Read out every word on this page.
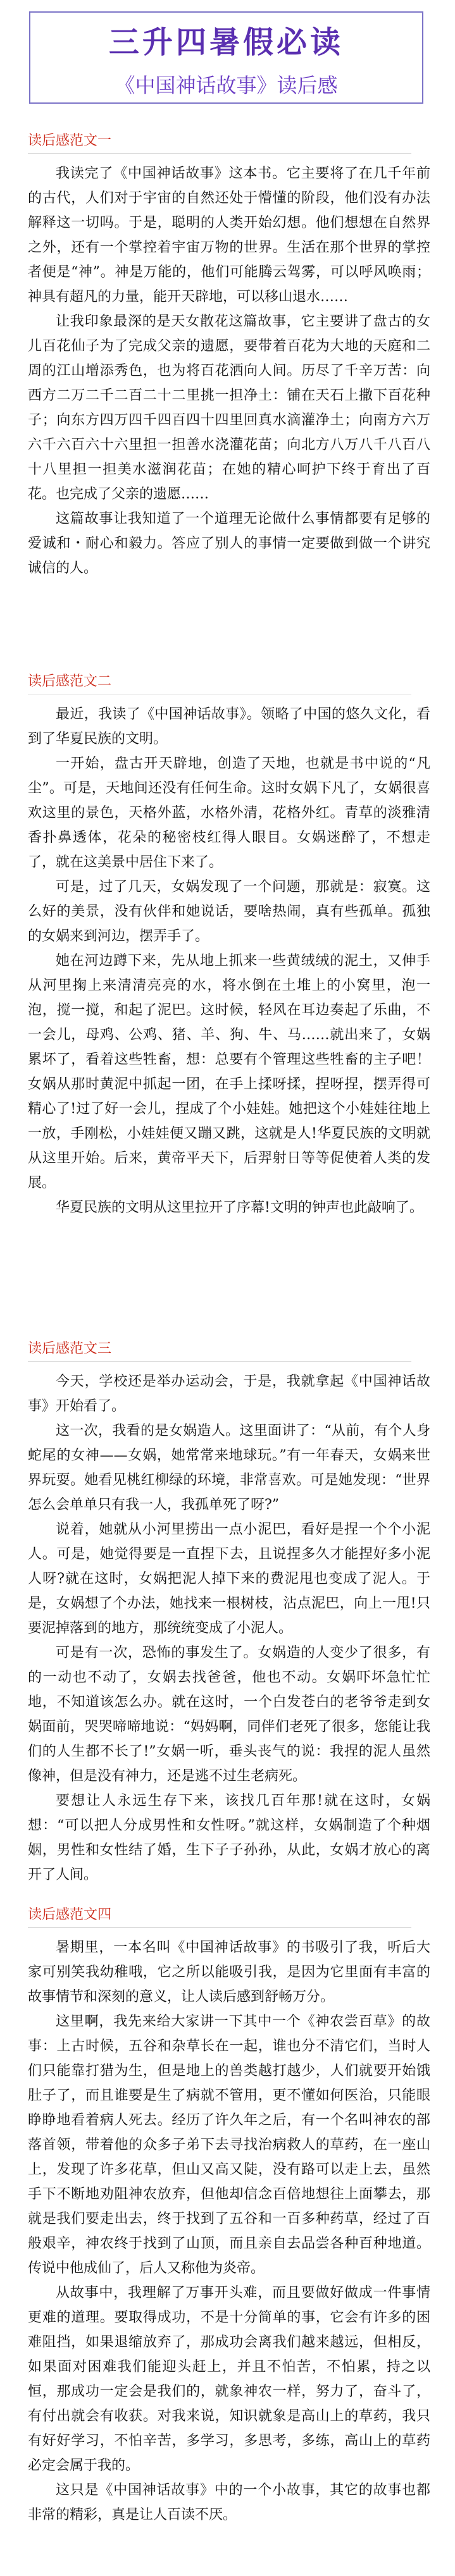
三升四暑假必读
《中国神话故事》读后感
读后感范文一

我读完了《中国神话故事》这本书。它主要将了在几千年前的古代，人们对于宇宙的自然还处于懵懂的阶段，他们没有办法解释这一切吗。于是，聪明的人类开始幻想。他们想想在自然界之外，还有一个掌控着宇宙万物的世界。生活在那个世界的掌控者便是“神”。神是万能的，他们可能腾云驾雾，可以呼风唤雨；神具有超凡的力量，能开天辟地，可以移山退水……

让我印象最深的是天女散花这篇故事，它主要讲了盘古的女儿百花仙子为了完成父亲的遗愿，要带着百花为大地的天庭和二周的江山增添秀色，也为将百花洒向人间。历尽了千辛万苦：向西方二万二千二百二十二里挑一担净土：铺在天石上撒下百花种子；向东方四万四千四百四十四里回真水滴灌净土；向南方六万六千六百六十六里担一担善水浇灌花苗；向北方八万八千八百八十八里担一担美水滋润花苗；在她的精心呵护下终于育出了百花。也完成了父亲的遗愿……

这篇故事让我知道了一个道理无论做什么事情都要有足够的爱诚和・耐心和毅力。答应了别人的事情一定要做到做一个讲究诚信的人。

读后感范文二

最近，我读了《中国神话故事》。领略了中国的悠久文化，看到了华夏民族的文明。

一开始，盘古开天辟地，创造了天地，也就是书中说的“凡尘”。可是，天地间还没有任何生命。这时女娲下凡了，女娲很喜欢这里的景色，天格外蓝，水格外清，花格外红。青草的淡雅清香扑鼻透体，花朵的秘密枝红得人眼目。女娲迷醉了，不想走了，就在这美景中居住下来了。

可是，过了几天，女娲发现了一个问题，那就是：寂寞。这么好的美景，没有伙伴和她说话，要啥热闹，真有些孤单。孤独的女娲来到河边，摆弄手了。

她在河边蹲下来，先从地上抓来一些黄绒绒的泥土，又伸手从河里掬上来清清亮亮的水，将水倒在土堆上的小窝里，泡一泡，搅一搅，和起了泥巴。这时候，轻风在耳边奏起了乐曲，不一会儿，母鸡、公鸡、猪、羊、狗、牛、马……就出来了，女娲累坏了，看着这些牲畜，想：总要有个管理这些牲畜的主子吧！女娲从那时黄泥中抓起一团，在手上揉呀揉，捏呀捏，摆弄得可精心了!过了好一会儿，捏成了个小娃娃。她把这个小娃娃往地上一放，手刚松，小娃娃便又蹦又跳，这就是人!华夏民族的文明就从这里开始。后来，黄帝平天下，后羿射日等等促使着人类的发展。

华夏民族的文明从这里拉开了序幕!文明的钟声也此敲响了。

读后感范文三

今天，学校还是举办运动会，于是，我就拿起《中国神话故事》开始看了。

这一次，我看的是女娲造人。这里面讲了：“从前，有个人身蛇尾的女神——女娲，她常常来地球玩。”有一年春天，女娲来世界玩耍。她看见桃红柳绿的环境，非常喜欢。可是她发现：“世界怎么会单单只有我一人，我孤单死了呀?”

说着，她就从小河里捞出一点小泥巴，看好是捏一个个小泥人。可是，她觉得要是一直捏下去，且说捏多久才能捏好多小泥人呀?就在这时，女娲把泥人掉下来的费泥甩也变成了泥人。于是，女娲想了个办法，她找来一根树枝，沾点泥巴，向上一甩!只要泥掉落到的地方，那统统变成了小泥人。

可是有一次，恐怖的事发生了。女娲造的人变少了很多，有的一动也不动了，女娲去找爸爸，他也不动。女娲吓坏急忙忙地，不知道该怎么办。就在这时，一个白发苍白的老爷爷走到女娲面前，哭哭啼啼地说：“妈妈啊，同伴们老死了很多，您能让我们的人生都不长了!”女娲一听，垂头丧气的说：我捏的泥人虽然像神，但是没有神力，还是逃不过生老病死。

要想让人永远生存下来，该找几百年那!就在这时，女娲想：“可以把人分成男性和女性呀。”就这样，女娲制造了个种烟姻，男性和女性结了婚，生下子子孙孙，从此，女娲才放心的离开了人间。

读后感范文四

暑期里，一本名叫《中国神话故事》的书吸引了我，听后大家可别笑我幼稚哦，它之所以能吸引我，是因为它里面有丰富的故事情节和深刻的意义，让人读后感到舒畅万分。

这里啊，我先来给大家讲一下其中一个《神农尝百草》的故事：上古时候，五谷和杂草长在一起，谁也分不清它们，当时人们只能靠打猎为生，但是地上的兽类越打越少，人们就要开始饿肚子了，而且谁要是生了病就不管用，更不懂如何医治，只能眼睁睁地看着病人死去。经历了许久年之后，有一个名叫神农的部落首领，带着他的众多子弟下去寻找治病救人的草药，在一座山上，发现了许多花草，但山又高又陡，没有路可以走上去，虽然手下不断地劝阻神农放弃，但他却信念百倍地想往上面攀去，那就是我们要走出去，终于找到了五谷和一百多种药草，经过了百般艰辛，神农终于找到了山顶，而且亲自去品尝各种百种地道。传说中他成仙了，后人又称他为炎帝。

从故事中，我理解了万事开头难，而且要做好做成一件事情更难的道理。要取得成功，不是十分简单的事，它会有许多的困难阻挡，如果退缩放弃了，那成功会离我们越来越远，但相反，如果面对困难我们能迎头赶上，并且不怕苦，不怕累，持之以恒，那成功一定会是我们的，就象神农一样，努力了，奋斗了，有付出就会有收获。对我来说，知识就象是高山上的草药，我只有好好学习，不怕辛苦，多学习，多思考，多练，高山上的草药必定会属于我的。

这只是《中国神话故事》中的一个小故事，其它的故事也都非常的精彩，真是让人百读不厌。
